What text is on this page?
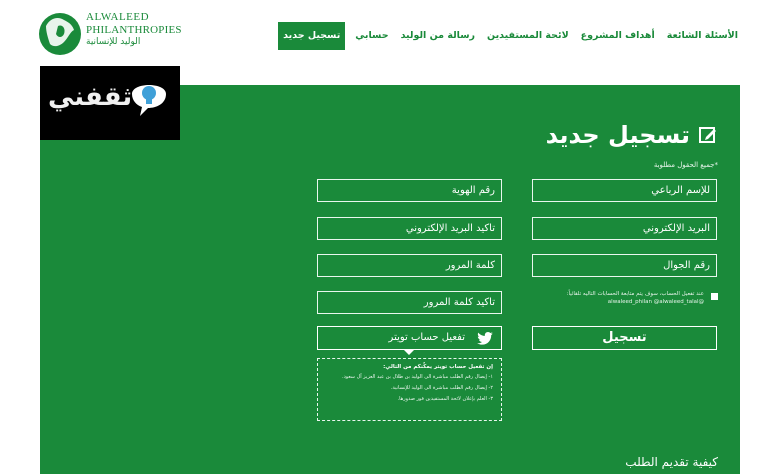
ALWALEED
PHILANTHROPIES
الوليد للإنسانية
تسجيل جديد	حسابي رسالة من الوليد لائحة المستفيدين أهداف المشروع الأسئلة الشائعة
ثقفني
تسجيل جديد
*جميع الحقول مطلوبة
للإسم الرباعي
البريد الإلكتروني
رقم الجوال
رقم الهوية
تأكيد البريد الإلكتروني
كلمة المرور
تأكيد كلمة المرور
عند تفعيل الحساب، سوف يتم متابعة الحسابات التاليه تلقائياً:
@alwaleed_philan @alwaleed_talal
تسجيل
تفعيل حساب تويتر
إن تفعيل حساب تويتر يمكّنكم من التالي:
١- إيصال رقم الطلب مباشرة الى الوليد بن طلال بن عبد العزيز آل سعود.
٢- إيصال رقم الطلب مباشرة الى الوليد للإنسانية.
٣- العلم بإعلان لائحة المستفيدين فور صدورها.
كيفية تقديم الطلب
